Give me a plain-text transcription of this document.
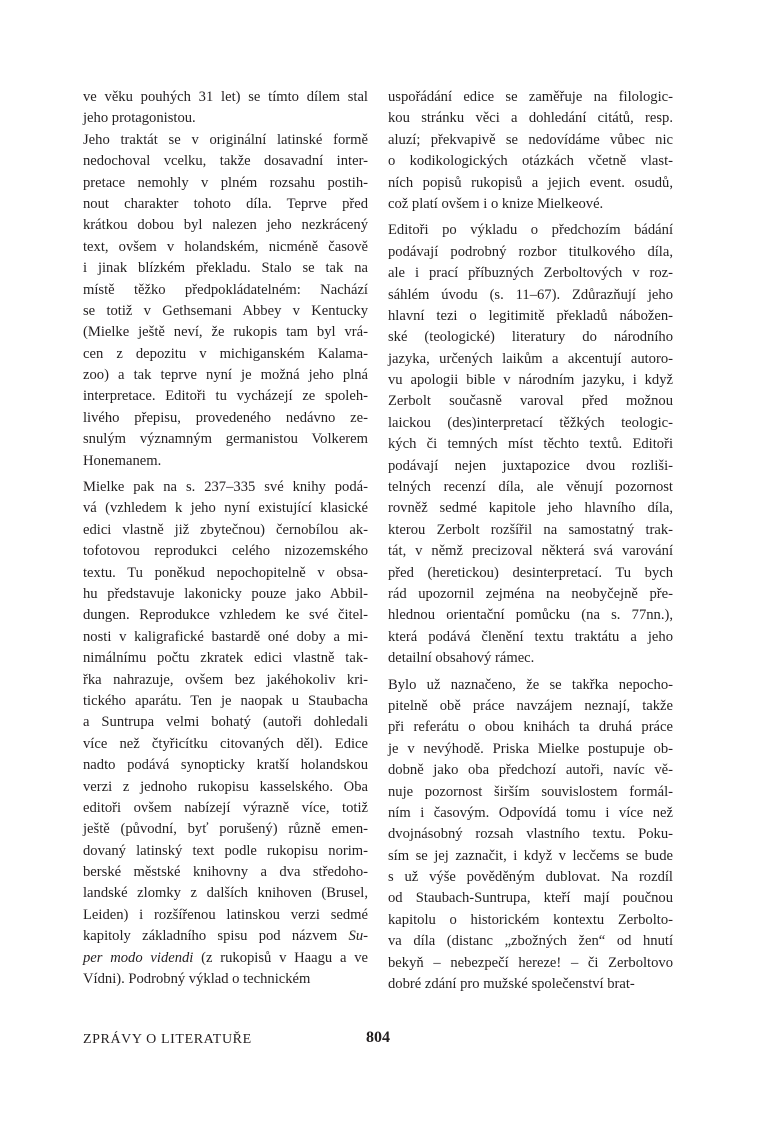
ve věku pouhých 31 let) se tímto dílem stal
jeho protagonistou.
Jeho traktát se v originální latinské formě
nedochoval vcelku, takže dosavadní inter-
pretace nemohly v plném rozsahu postih-
nout charakter tohoto díla. Teprve před
krátkou dobou byl nalezen jeho nezkrácený
text, ovšem v holandském, nicméně časově
i jinak blízkém překladu. Stalo se tak na
místě těžko předpokládatelném: Nachází
se totiž v Gethsemani Abbey v Kentucky
(Mielke ještě neví, že rukopis tam byl vrá-
cen z depozitu v michiganském Kalama-
zoo) a tak teprve nyní je možná jeho plná
interpretace. Editoři tu vycházejí ze spoleh-
livého přepisu, provedeného nedávno ze-
snulým významným germanistou Volkerem
Honemanem.
Mielke pak na s. 237–335 své knihy podá-
vá (vzhledem k jeho nyní existující klasické
edici vlastně již zbytečnou) černobílou ak-
tofotovou reprodukci celého nizozemského
textu. Tu poněkud nepochopitelně v obsa-
hu představuje lakonicky pouze jako Abbil-
dungen. Reprodukce vzhledem ke své čitel-
nosti v kaligrafické bastardě oné doby a mi-
nimálnímu počtu zkratek edici vlastně tak-
řka nahrazuje, ovšem bez jakéhokoliv kri-
tického aparátu. Ten je naopak u Staubacha
a Suntrupa velmi bohatý (autoři dohledali
více než čtyřicítku citovaných děl). Edice
nadto podává synopticky kratší holandskou
verzi z jednoho rukopisu kasselského. Oba
editoři ovšem nabízejí výrazně více, totiž
ještě (původní, byť porušený) různě emen-
dovaný latinský text podle rukopisu norim-
berské městské knihovny a dva středoho-
landské zlomky z dalších knihoven (Brusel,
Leiden) i rozšířenou latinskou verzi sedmé
kapitoly základního spisu pod názvem Su-
per modo videndi (z rukopisů v Haagu a ve
Vídni). Podrobný výklad o technickém
uspořádání edice se zaměřuje na filologic-
kou stránku věci a dohledání citátů, resp.
aluzí; překvapivě se nedovídáme vůbec nic
o kodikologických otázkách včetně vlast-
ních popisů rukopisů a jejich event. osudů,
což platí ovšem i o knize Mielkeové.
Editoři po výkladu o předchozím bádání
podávají podrobný rozbor titulkového díla,
ale i prací příbuzných Zerboltových v roz-
sáhlém úvodu (s. 11–67). Zdůrazňují jeho
hlavní tezi o legitimitě překladů nábožen-
ské (teologické) literatury do národního
jazyka, určených laikům a akcentují autoro-
vu apologii bible v národním jazyku, i když
Zerbolt současně varoval před možnou
laickou (des)interpretací těžkých teologic-
kých či temných míst těchto textů. Editoři
podávají nejen juxtapozice dvou rozliši-
telných recenzí díla, ale věnují pozornost
rovněž sedmé kapitole jeho hlavního díla,
kterou Zerbolt rozšířil na samostatný trak-
tát, v němž precizoval některá svá varování
před (heretickou) desinterpretací. Tu bych
rád upozornil zejména na neobyčejně pře-
hlednou orientační pomůcku (na s. 77nn.),
která podává členění textu traktátu a jeho
detailní obsahový rámec.
Bylo už naznačeno, že se takřka nepocho-
pitelně obě práce navzájem neznají, takže
při referátu o obou knihách ta druhá práce
je v nevýhodě. Priska Mielke postupuje ob-
dobně jako oba předchozí autoři, navíc vě-
nuje pozornost širším souvislostem formál-
ním i časovým. Odpovídá tomu i více než
dvojnásobný rozsah vlastního textu. Poku-
sím se jej zaznačit, i když v lecčems se bude
s už výše pověděným dublovat. Na rozdíl
od Staubach-Suntrupa, kteří mají poučnou
kapitolu o historickém kontextu Zerbolto-
va díla (distanc „zbožných žen“ od hnutí
bekyň – nebezpečí hereze! – či Zerboltovo
dobré zdání pro mužské společenství brat-
ZPRÁVY O LITERATUŘE	804
